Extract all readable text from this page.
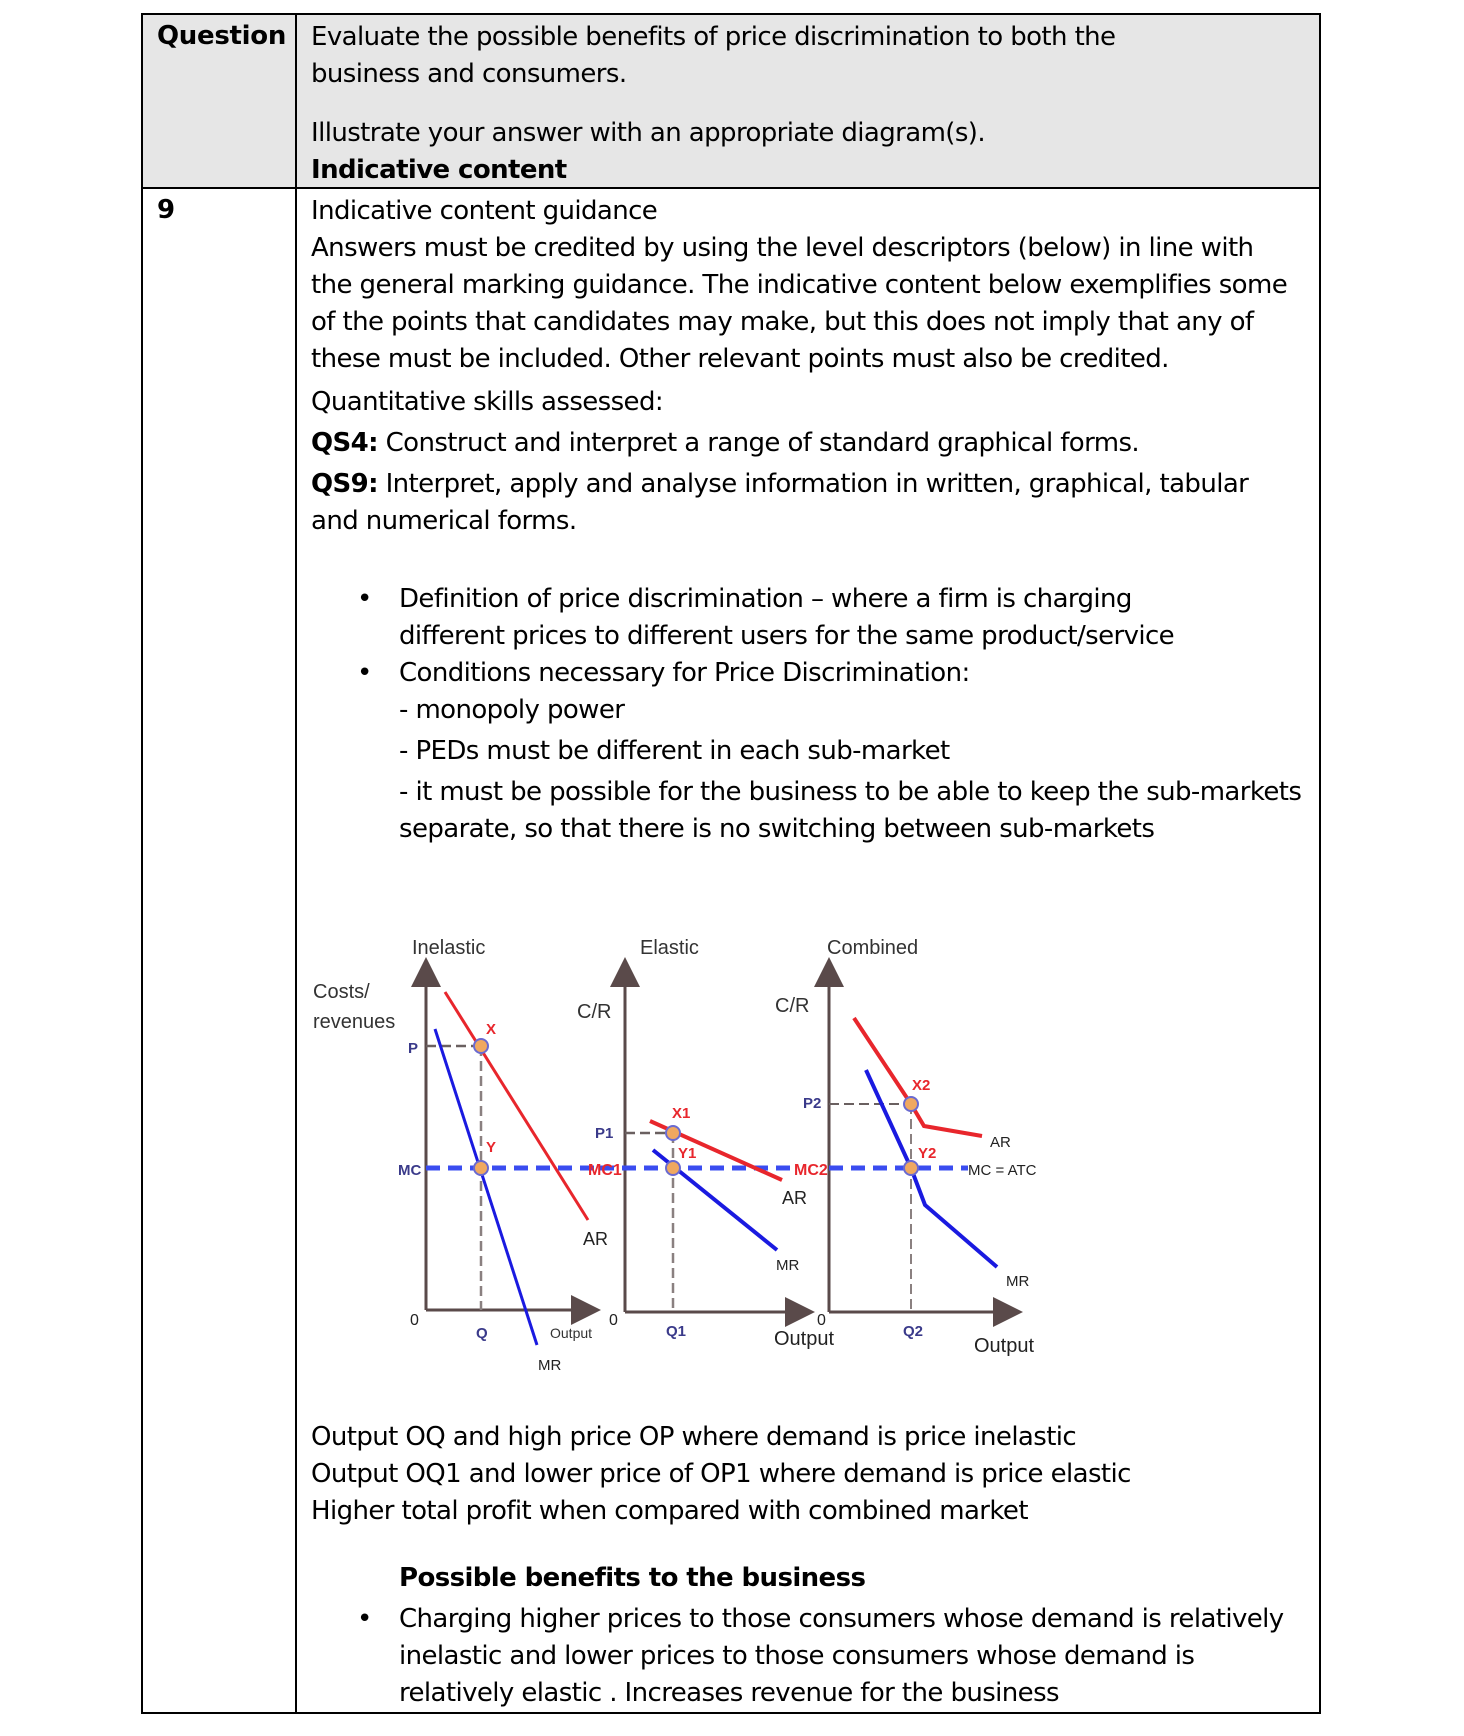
Question Evaluate the possible benefits of price discrimination to both the business and consumers.

Illustrate your answer with an appropriate diagram(s).

Indicative content

9	Indicative content guidance

Answers must be credited by using the level descriptors (below) in line with the general marking guidance. The indicative content below exemplifies some of the points that candidates may make, but this does not imply that any of these must be included. Other relevant points must also be credited.

Quantitative skills assessed:

QS4: Construct and interpret a range of standard graphical forms.

QS9: Interpret, apply and analyse information in written, graphical, tabular and numerical forms.

• Definition of price discrimination – where a firm is charging different prices to different users for the same product/service
• Conditions necessary for Price Discrimination:
- monopoly power
- PEDs must be different in each sub-market
- it must be possible for the business to be able to keep the sub-markets separate, so that there is no switching between sub-markets

Output OQ and high price OP where demand is price inelastic

Output OQ1 and lower price of OP1 where demand is price elastic

Higher total profit when compared with combined market

Possible benefits to the business

• Charging higher prices to those consumers whose demand is relatively inelastic and lower prices to those consumers whose demand is relatively elastic . Increases revenue for the business
Inelastic
Costs/
revenues	X
Y
P
MC
0
Q	Output
AR
MR
Elastic
C/R
X1
Y1
P1
MC1
0
Q1	Output
AR
MR
Combined
C/R
X2
Y2
P2
MC2
0
Q2
Output
AR
MC = ATC
MR
